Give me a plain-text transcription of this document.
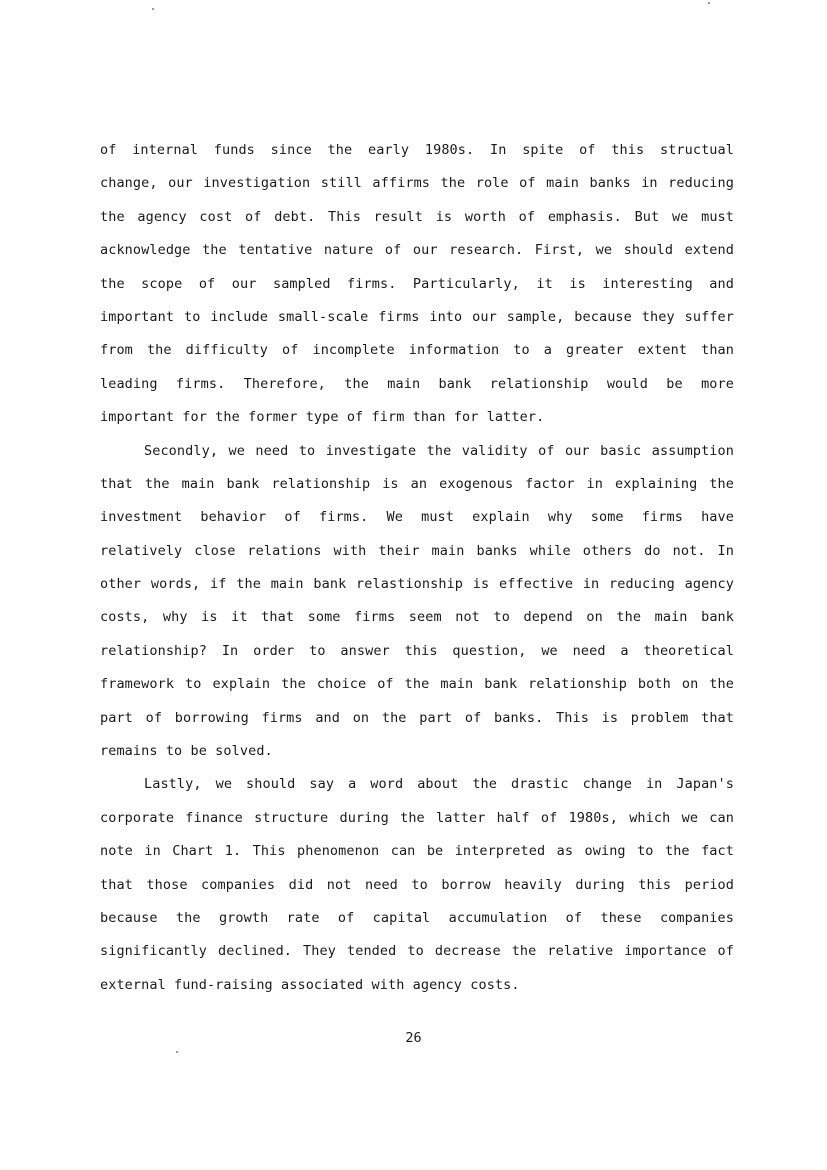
of internal funds since the early 1980s. In spite of this structual
change, our investigation still affirms the role of main banks in reducing
the agency cost of debt. This result is worth of emphasis. But we must
acknowledge the tentative nature of our research. First, we should extend
the scope of our sampled firms. Particularly, it is interesting and
important to include small-scale firms into our sample, because they suffer
from the difficulty of incomplete information to a greater extent than
leading firms. Therefore, the main bank relationship would be more
important for the former type of firm than for latter.
Secondly, we need to investigate the validity of our basic assumption
that the main bank relationship is an exogenous factor in explaining the
investment behavior of firms. We must explain why some firms have
relatively close relations with their main banks while others do not. In
other words, if the main bank relastionship is effective in reducing agency
costs, why is it that some firms seem not to depend on the main bank
relationship? In order to answer this question, we need a theoretical
framework to explain the choice of the main bank relationship both on the
part of borrowing firms and on the part of banks. This is problem that
remains to be solved.
Lastly, we should say a word about the drastic change in Japan's
corporate finance structure during the latter half of 1980s, which we can
note in Chart 1. This phenomenon can be interpreted as owing to the fact
that those companies did not need to borrow heavily during this period
because the growth rate of capital accumulation of these companies
significantly declined. They tended to decrease the relative importance of
external fund-raising associated with agency costs.
26
